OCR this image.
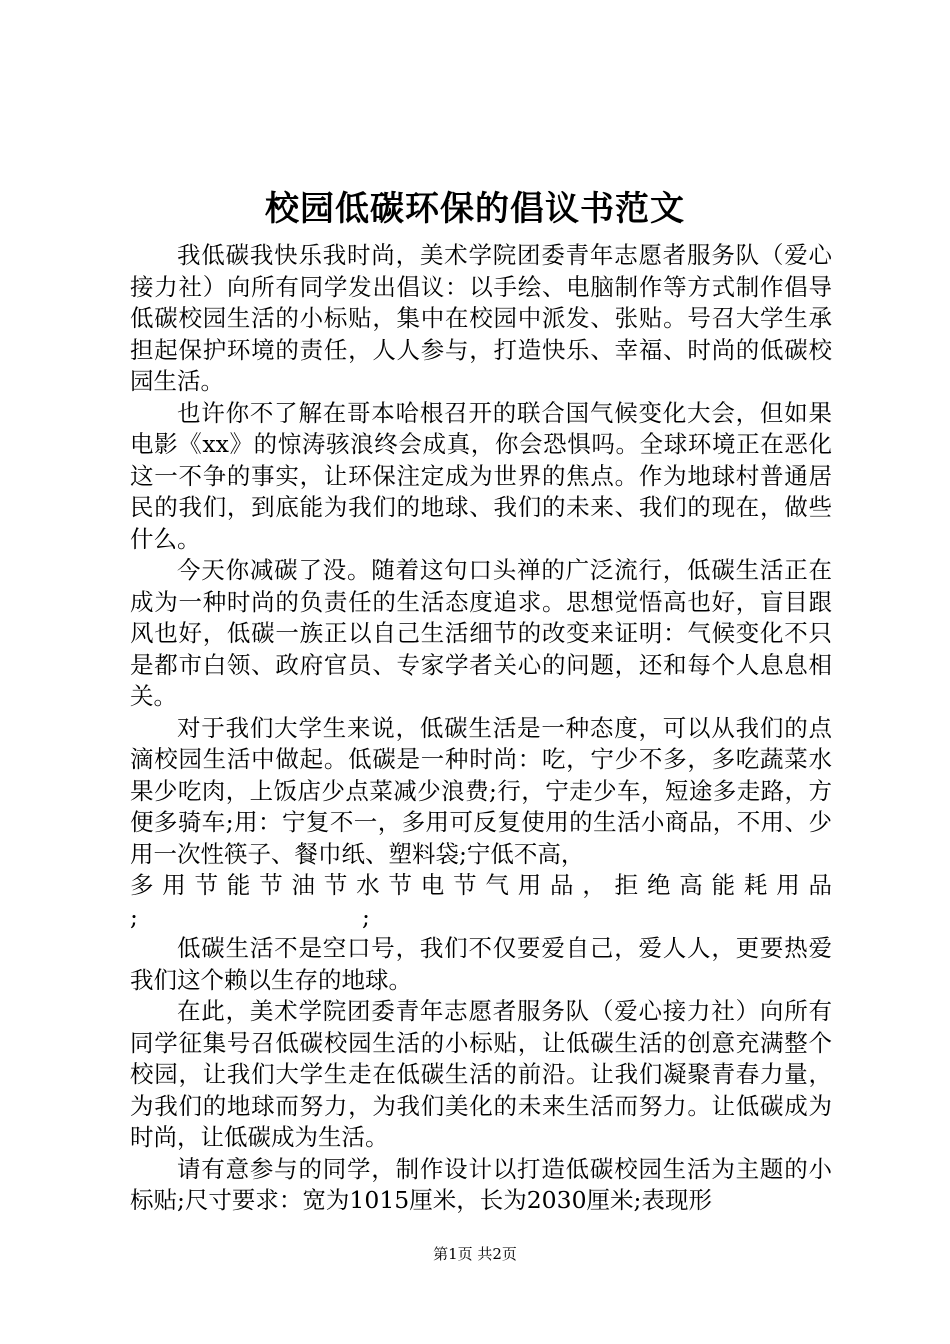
校园低碳环保的倡议书范文

我低碳我快乐我时尚，美术学院团委青年志愿者服务队（爱心接力社）向所有同学发出倡议：以手绘、电脑制作等方式制作倡导低碳校园生活的小标贴，集中在校园中派发、张贴。号召大学生承担起保护环境的责任，人人参与，打造快乐、幸福、时尚的低碳校园生活。

也许你不了解在哥本哈根召开的联合国气候变化大会，但如果电影《xx》的惊涛骇浪终会成真，你会恐惧吗。全球环境正在恶化这一不争的事实，让环保注定成为世界的焦点。作为地球村普通居民的我们，到底能为我们的地球、我们的未来、我们的现在，做些什么。

今天你减碳了没。随着这句口头禅的广泛流行，低碳生活正在成为一种时尚的负责任的生活态度追求。思想觉悟高也好，盲目跟风也好，低碳一族正以自己生活细节的改变来证明：气候变化不只是都市白领、政府官员、专家学者关心的问题，还和每个人息息相关。

对于我们大学生来说，低碳生活是一种态度，可以从我们的点滴校园生活中做起。低碳是一种时尚：吃，宁少不多，多吃蔬菜水果少吃肉，上饭店少点菜减少浪费;行，宁走少车，短途多走路，方便多骑车;用：宁复不一，多用可反复使用的生活小商品，不用、少用一次性筷子、餐巾纸、塑料袋;宁低不高，

多用节能节油节水节电节气用品，拒绝高能耗用品

;	;

低碳生活不是空口号，我们不仅要爱自己，爱人人，更要热爱我们这个赖以生存的地球。

在此，美术学院团委青年志愿者服务队（爱心接力社）向所有同学征集号召低碳校园生活的小标贴，让低碳生活的创意充满整个校园，让我们大学生走在低碳生活的前沿。让我们凝聚青春力量，为我们的地球而努力，为我们美化的未来生活而努力。让低碳成为时尚，让低碳成为生活。

请有意参与的同学，制作设计以打造低碳校园生活为主题的小标贴;尺寸要求：宽为1015厘米，长为2030厘米;表现形

第1页 共2页
